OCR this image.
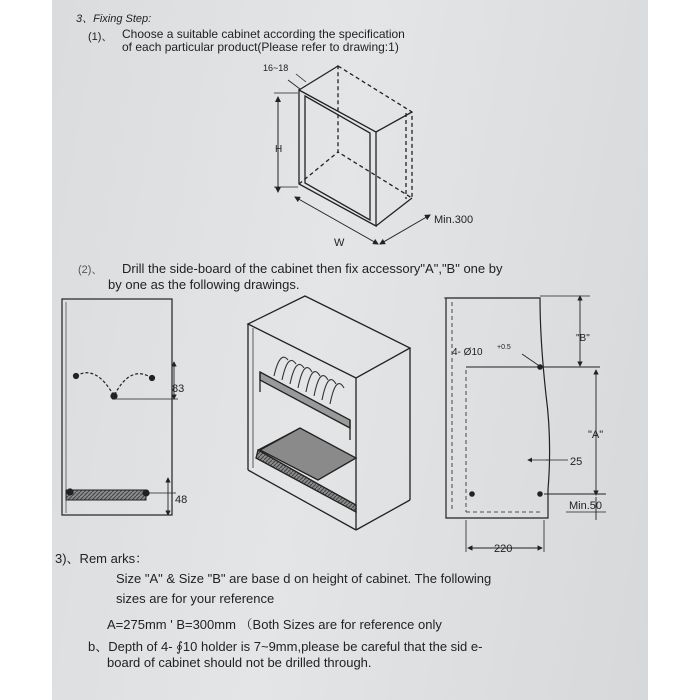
3、Fixing Step:
(1)、 Choose a suitable cabinet according the specification
of each particular product(Please refer to drawing:1)
(2)、 Drill the side-board of the cabinet then fix accessory"A","B" one by
by one as the following drawings.
3)、Rem arks：
Size "A" & Size "B" are base d on height of cabinet. The following
sizes are for your reference
A=275mm ' B=300mm （Both Sizes are for reference only
b、Depth of 4- ∮10 holder is 7~9mm,please be careful that the sid e-
board of cabinet should not be drilled through.
16~18
H
W
Min.300
83
48
4- Ø10 +0.5
"B"
"A"
25
Min.50
220
